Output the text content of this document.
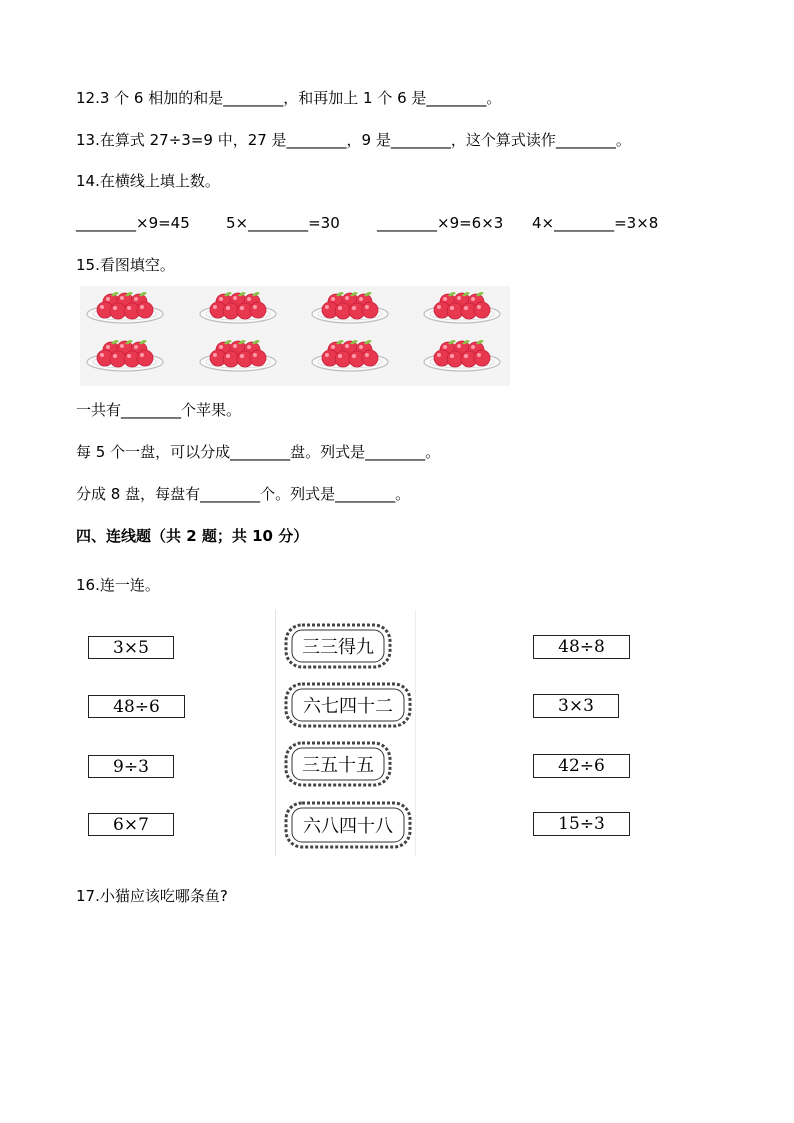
12.3 个 6 相加的和是________，和再加上 1 个 6 是________。
13.在算式 27÷3=9 中，27 是________，9 是________，这个算式读作________。
14.在横线上填上数。
________×9=45 5×________=30 ________×9=6×3 4×________=3×8
15.看图填空。
一共有________个苹果。
每 5 个一盘，可以分成________盘。列式是________。
分成 8 盘，每盘有________个。列式是________。
四、连线题（共 2 题；共 10 分）
16.连一连。
3×5
48÷6
9÷3
6×7
三三得九
六七四十二
三五十五
六八四十八
48÷8
3×3
42÷6
15÷3
17.小猫应该吃哪条鱼?
